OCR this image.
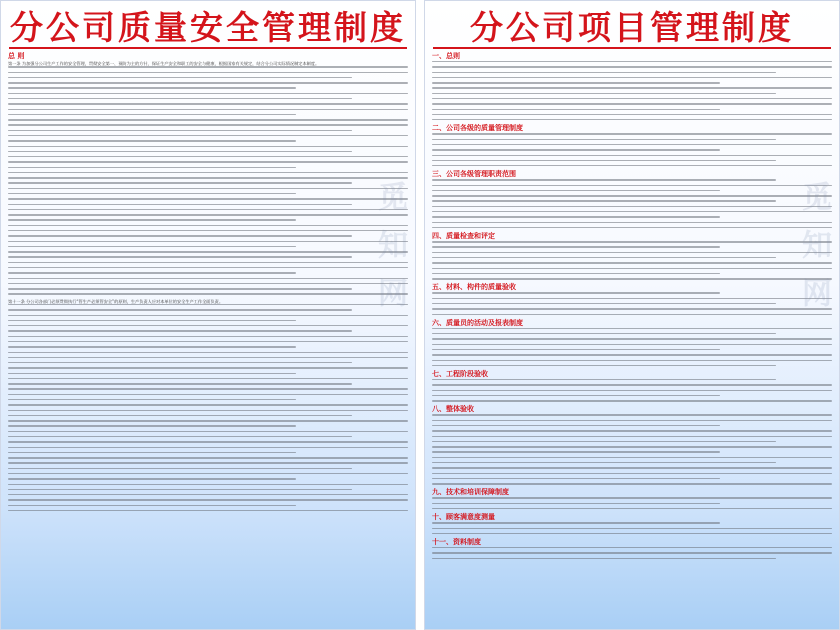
分公司质量安全管理制度
总 则

第一条 为加强分公司生产工作的安全管理，贯彻安全第一、预防为主的方针，保证生产安全和职工的安全与健康，根据国家有关规定，结合分公司实际情况制定本制度。

第十一条 分公司各部门必须贯彻执行“管生产必须管安全”的原则，生产负责人应对本单位的安全生产工作全面负责。	觅知网
分公司项目管理制度
一、总则
二、公司各级的质量管理制度
三、公司各级管理职责范围
四、质量检查和评定
五、材料、构件的质量验收
六、质量员的活动及报表制度
七、工程阶段验收
八、整体验收
九、技术和培训保障制度
十、顾客满意度测量
十一、资料制度
觅知网
